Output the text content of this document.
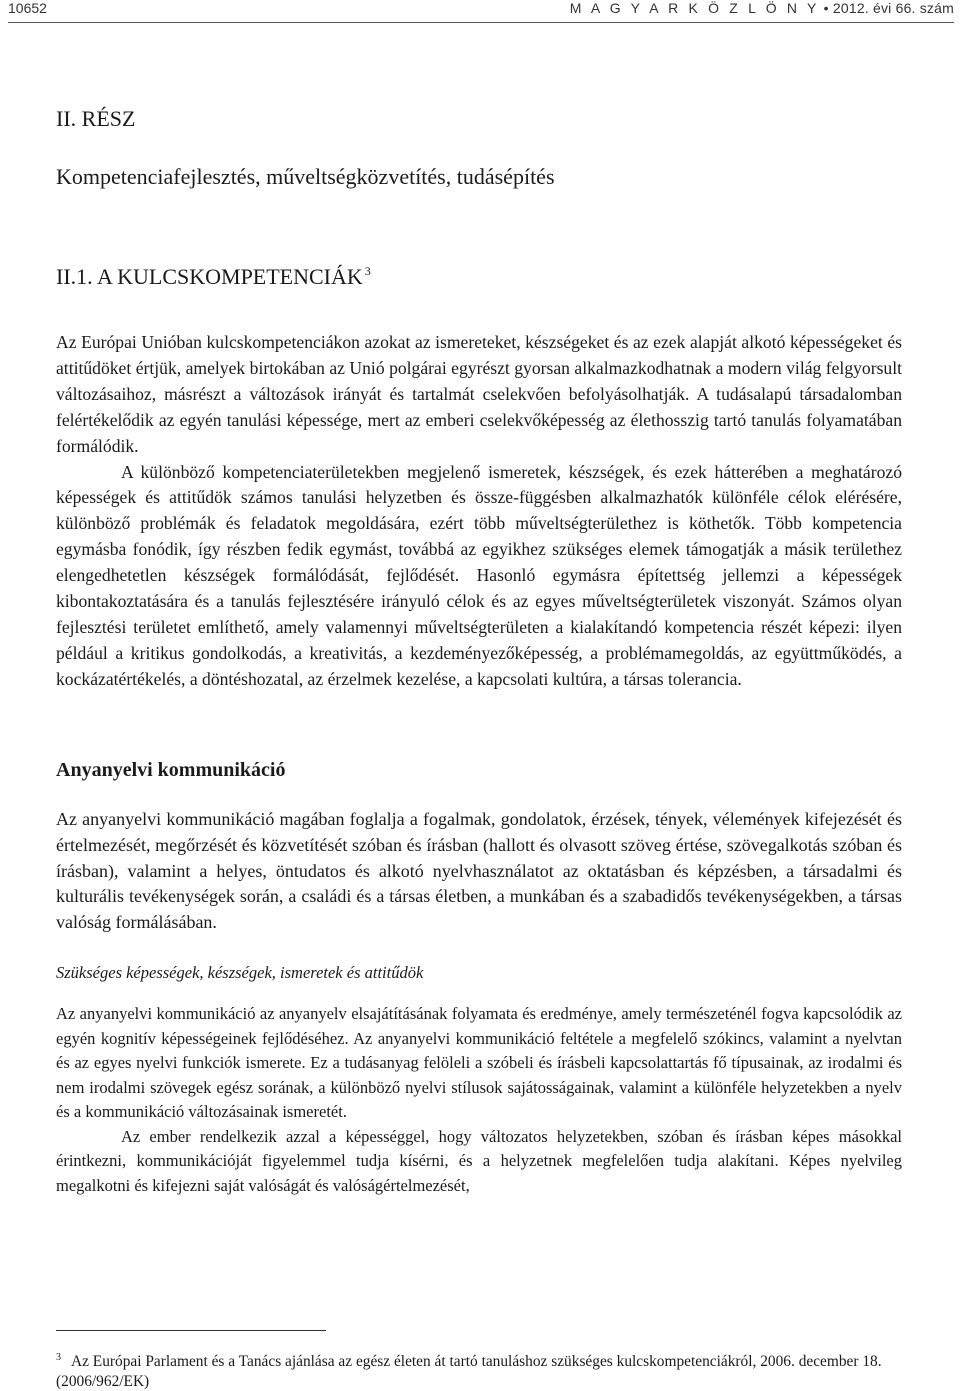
10652	M A G Y A R K Ö Z L Ö N Y • 2012. évi 66. szám
II. RÉSZ
Kompetenciafejlesztés, műveltségközvetítés, tudásépítés
II.1. A KULCSKOMPETENCIÁK $^3$

Az Európai Unióban kulcskompetenciákon azokat az ismereteket, készségeket és az ezek alapját alkotó képességeket és attitűdöket értjük, amelyek birtokában az Unió polgárai egyrészt gyorsan alkalmazkodhatnak a modern világ felgyorsult változásaihoz, másrészt a változások irányát és tartalmát cselekvően befolyásolhatják. A tudásalapú társadalomban felértékelődik az egyén tanulási képessége, mert az emberi cselekvőképesség az élethosszig tartó tanulás folyamatában formálódik.

A különböző kompetenciaterületekben megjelenő ismeretek, készségek, és ezek hátterében a meghatározó képességek és attitűdök számos tanulási helyzetben és össze-függésben alkalmazhatók különféle célok elérésére, különböző problémák és feladatok megoldására, ezért több műveltségterülethez is köthetők. Több kompetencia egymásba fonódik, így részben fedik egymást, továbbá az egyikhez szükséges elemek támogatják a másik területhez elengedhetetlen készségek formálódását, fejlődését. Hasonló egymásra építettség jellemzi a képességek kibontakoztatására és a tanulás fejlesztésére irányuló célok és az egyes műveltségterületek viszonyát. Számos olyan fejlesztési területet említhető, amely valamennyi műveltségterületen a kialakítandó kompetencia részét képezi: ilyen például a kritikus gondolkodás, a kreativitás, a kezdeményezőképesség, a problémamegoldás, az együttműködés, a kockázatértékelés, a döntéshozatal, az érzelmek kezelése, a kapcsolati kultúra, a társas tolerancia.

Anyanyelvi kommunikáció

Az anyanyelvi kommunikáció magában foglalja a fogalmak, gondolatok, érzések, tények, vélemények kifejezését és értelmezését, megőrzését és közvetítését szóban és írásban (hallott és olvasott szöveg értése, szövegalkotás szóban és írásban), valamint a helyes, öntudatos és alkotó nyelvhasználatot az oktatásban és képzésben, a társadalmi és kulturális tevékenységek során, a családi és a társas életben, a munkában és a szabadidős tevékenységekben, a társas valóság formálásában.

Szükséges képességek, készségek, ismeretek és attitűdök

Az anyanyelvi kommunikáció az anyanyelv elsajátításának folyamata és eredménye, amely természeténél fogva kapcsolódik az egyén kognitív képességeinek fejlődéséhez. Az anyanyelvi kommunikáció feltétele a megfelelő szókincs, valamint a nyelvtan és az egyes nyelvi funkciók ismerete. Ez a tudásanyag felöleli a szóbeli és írásbeli kapcsolattartás fő típusainak, az irodalmi és nem irodalmi szövegek egész sorának, a különböző nyelvi stílusok sajátosságainak, valamint a különféle helyzetekben a nyelv és a kommunikáció változásainak ismeretét.

Az ember rendelkezik azzal a képességgel, hogy változatos helyzetekben, szóban és írásban képes másokkal érintkezni, kommunikációját figyelemmel tudja kísérni, és a helyzetnek megfelelően tudja alakítani. Képes nyelvileg megalkotni és kifejezni saját valóságát és valóságértelmezését,

$^3$ Az Európai Parlament és a Tanács ajánlása az egész életen át tartó tanuláshoz szükséges kulcskompetenciákról, 2006. december 18. (2006/962/EK)
